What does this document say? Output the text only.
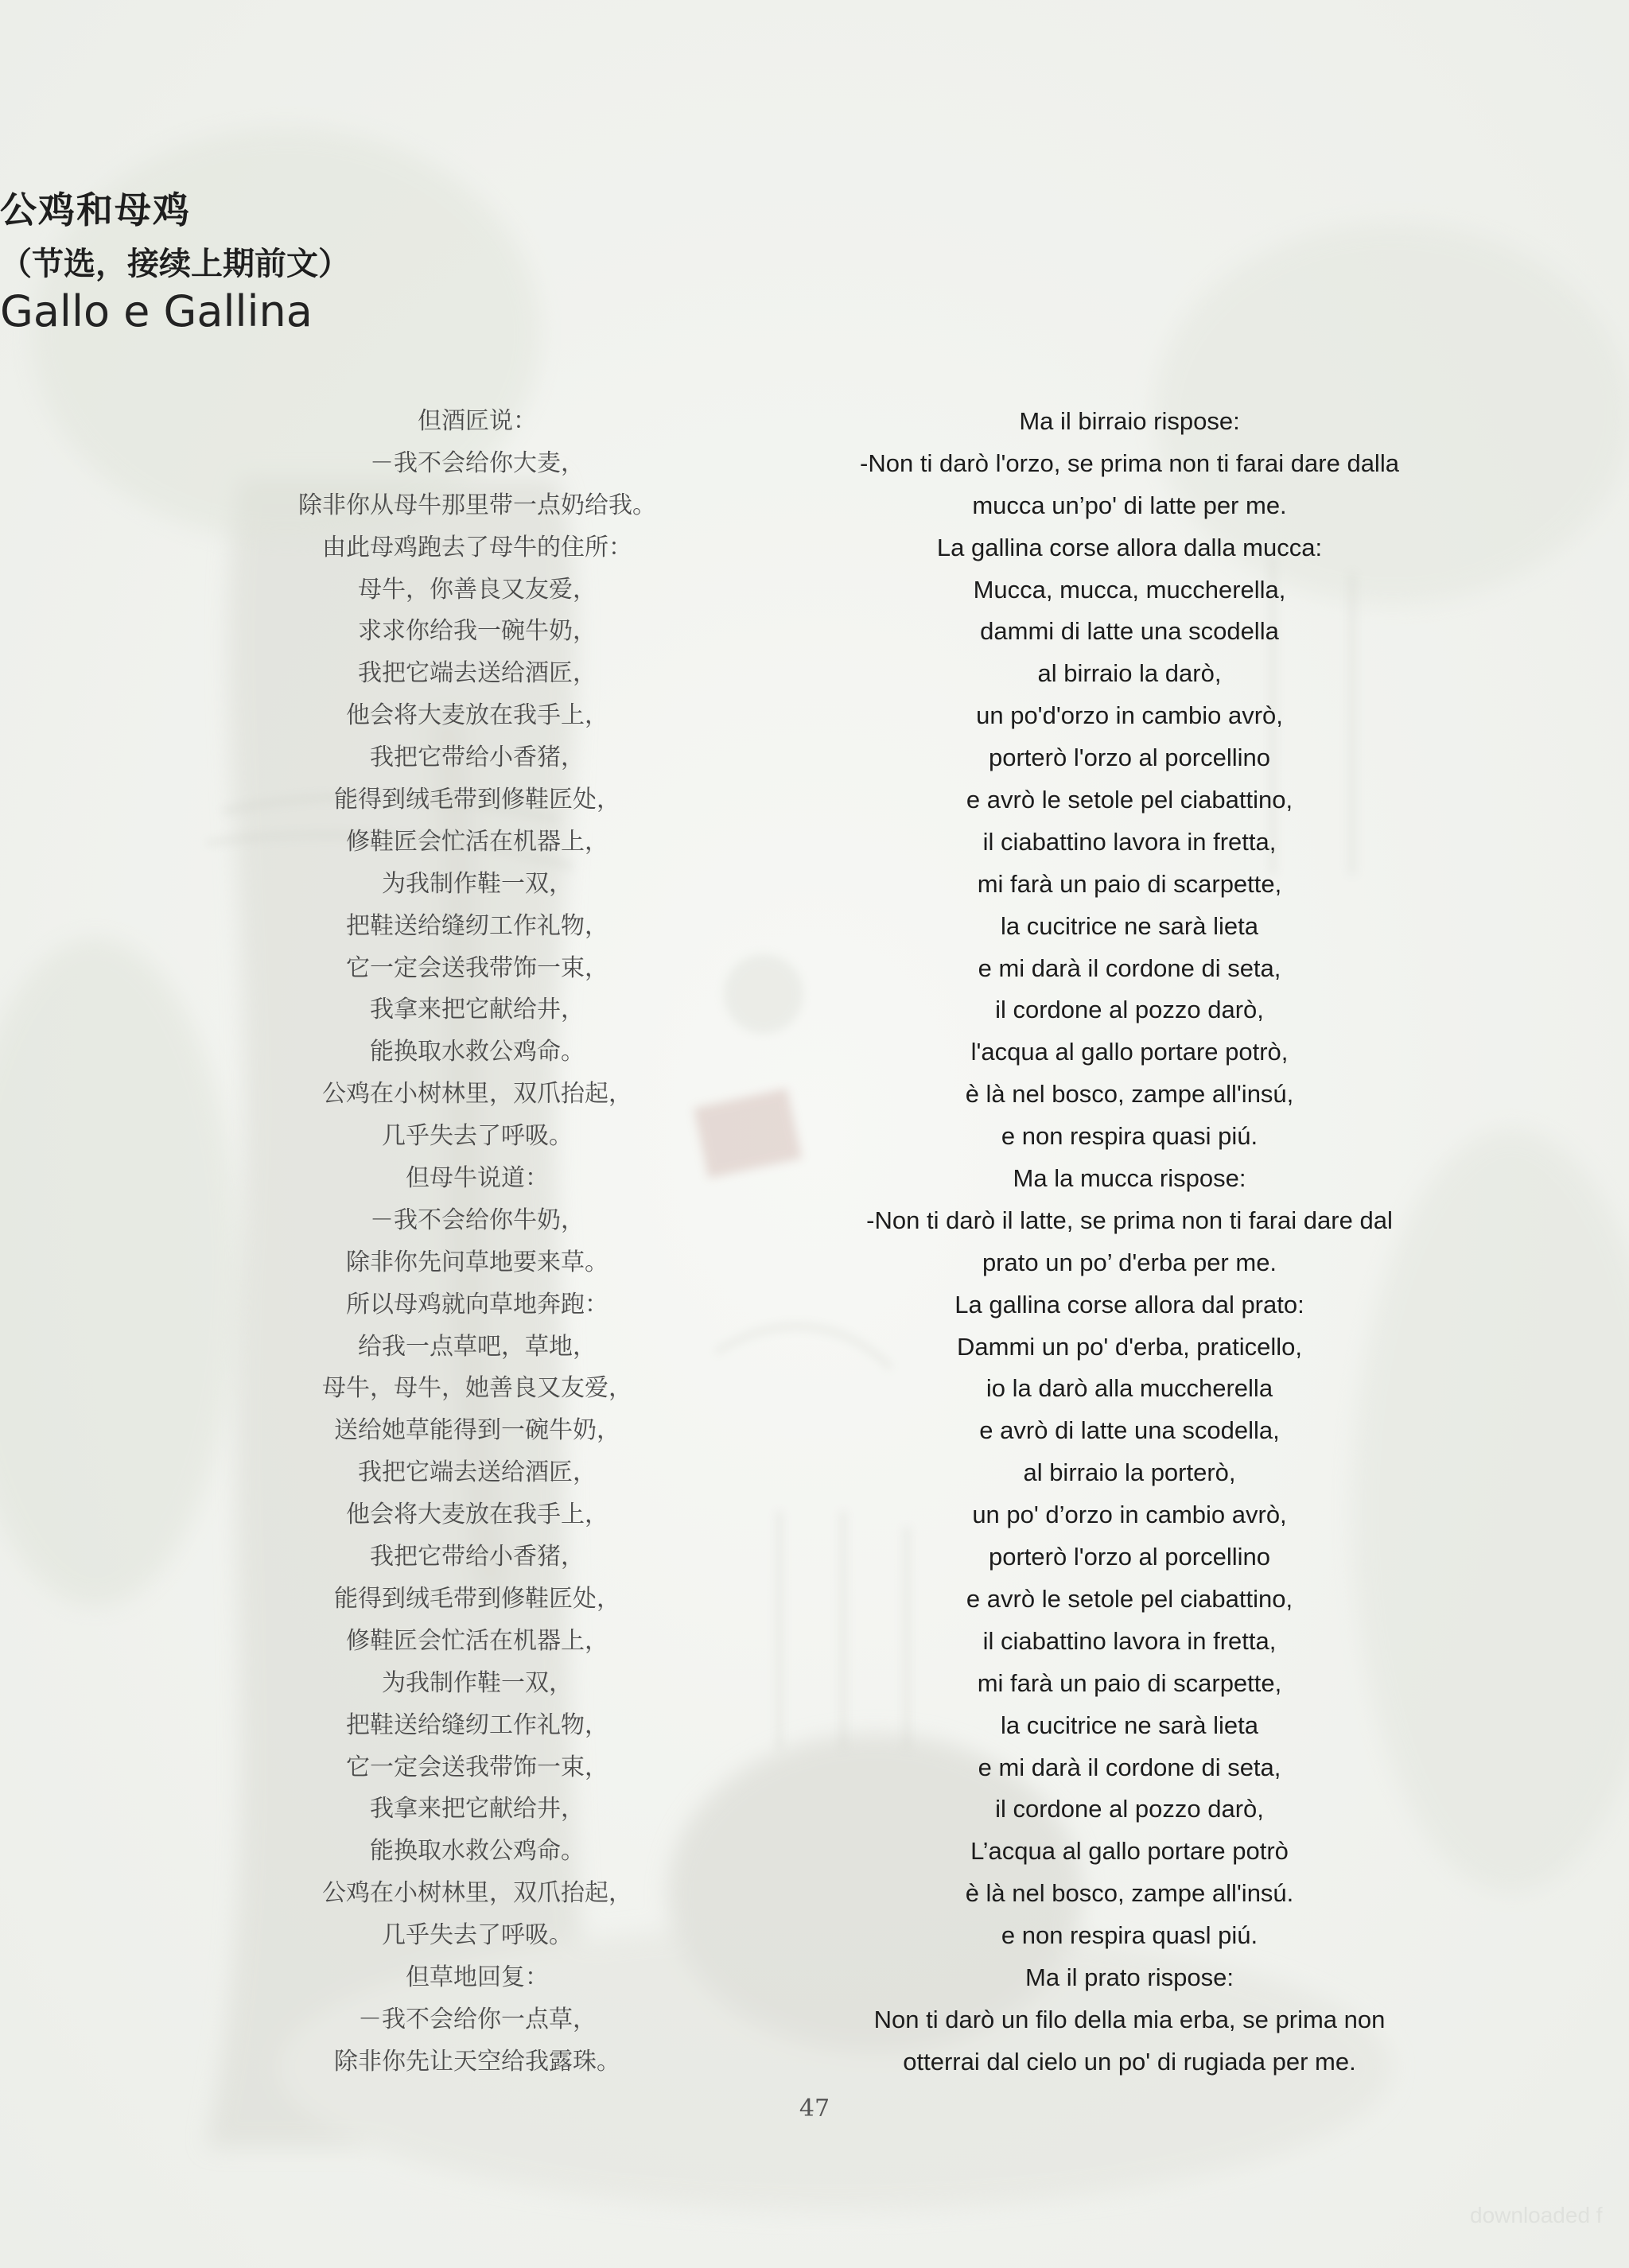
公鸡和母鸡
（节选，接续上期前文）
Gallo e Gallina
但酒匠说：
－我不会给你大麦，
除非你从母牛那里带一点奶给我。
由此母鸡跑去了母牛的住所：
母牛，你善良又友爱，
求求你给我一碗牛奶，
我把它端去送给酒匠，
他会将大麦放在我手上，
我把它带给小香猪，
能得到绒毛带到修鞋匠处，
修鞋匠会忙活在机器上，
为我制作鞋一双，
把鞋送给缝纫工作礼物，
它一定会送我带饰一束，
我拿来把它献给井，
能换取水救公鸡命。
公鸡在小树林里，双爪抬起，
几乎失去了呼吸。
但母牛说道：
－我不会给你牛奶，
除非你先问草地要来草。
所以母鸡就向草地奔跑：
给我一点草吧，草地，
母牛，母牛，她善良又友爱，
送给她草能得到一碗牛奶，
我把它端去送给酒匠，
他会将大麦放在我手上，
我把它带给小香猪，
能得到绒毛带到修鞋匠处，
修鞋匠会忙活在机器上，
为我制作鞋一双，
把鞋送给缝纫工作礼物，
它一定会送我带饰一束，
我拿来把它献给井，
能换取水救公鸡命。
公鸡在小树林里，双爪抬起，
几乎失去了呼吸。
但草地回复：
－我不会给你一点草，
除非你先让天空给我露珠。
Ma il birraio rispose:
-Non ti darò l'orzo, se prima non ti farai dare dalla
mucca un’po' di latte per me.
La gallina corse allora dalla mucca:
Mucca, mucca, muccherella,
dammi di latte una scodella
al birraio la darò,
un po'd'orzo in cambio avrò,
porterò l'orzo al porcellino
e avrò le setole pel ciabattino,
il ciabattino lavora in fretta,
mi farà un paio di scarpette,
la cucitrice ne sarà lieta
e mi darà il cordone di seta,
il cordone al pozzo darò,
l'acqua al gallo portare potrò,
è là nel bosco, zampe all'insú,
e non respira quasi piú.
Ma la mucca rispose:
-Non ti darò il latte, se prima non ti farai dare dal
prato un po’ d'erba per me.
La gallina corse allora dal prato:
Dammi un po' d'erba, praticello,
io la darò alla muccherella
e avrò di latte una scodella,
al birraio la porterò,
un po' d’orzo in cambio avrò,
porterò l'orzo al porcellino
e avrò le setole pel ciabattino,
il ciabattino lavora in fretta,
mi farà un paio di scarpette,
la cucitrice ne sarà lieta
e mi darà il cordone di seta,
il cordone al pozzo darò,
L’acqua al gallo portare potrò
è là nel bosco, zampe all'insú.
e non respira quasl piú.
Ma il prato rispose:
Non ti darò un filo della mia erba, se prima non
otterrai dal cielo un po' di rugiada per me.
47
downloaded f
